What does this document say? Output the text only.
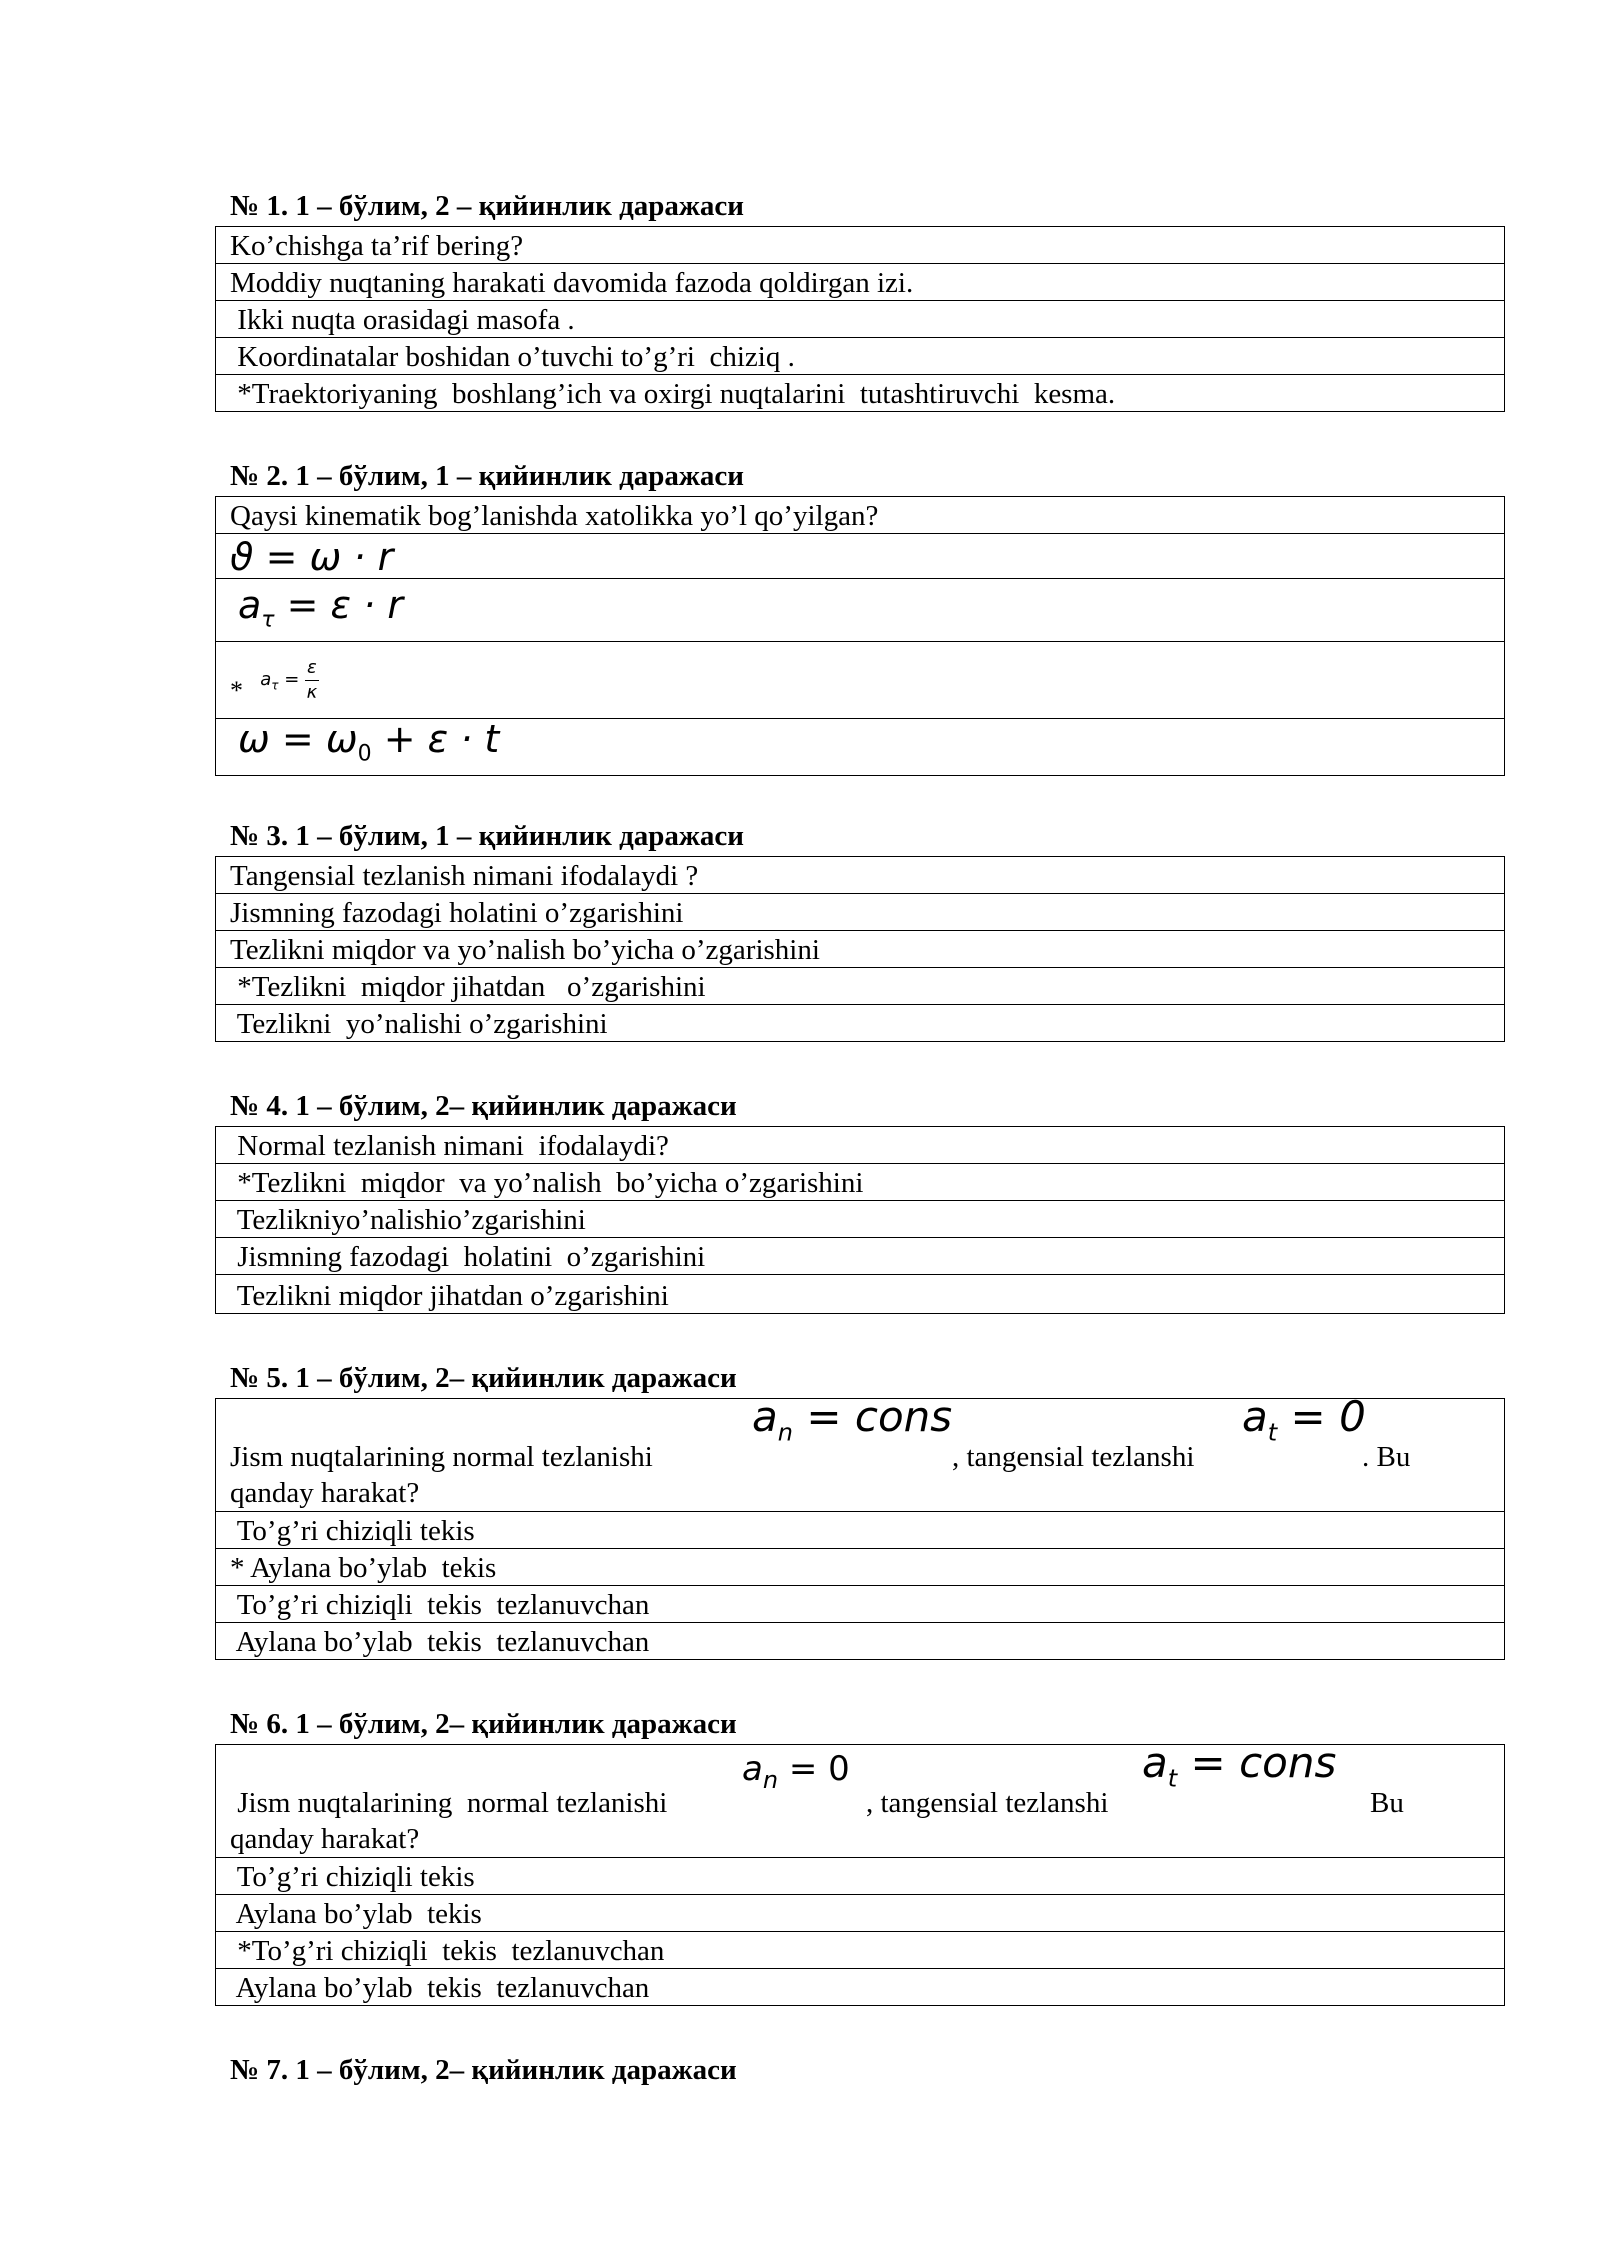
№ 1. 1 – бўлим, 2 – қийинлик даражаси
Ko’chishga ta’rif bering?
Moddiy nuqtaning harakati davomida fazoda qoldirgan izi.
Ikki nuqta orasidagi masofa .
Koordinatalar boshidan o’tuvchi to’g’ri  chiziq .
*Traektoriyaning  boshlang’ich va oxirgi nuqtalarini  tutashtiruvchi  kesma.
№ 2. 1 – бўлим, 1 – қийинлик даражаси
Qaysi kinematik bog’lanishda xatolikka yo’l qo’yilgan?
ϑ = ω · r
$a_\tau = \varepsilon \cdot r$
* $a_\tau = \frac{\varepsilon}{\kappa}$

$\omega = \omega_0 + \varepsilon \cdot t$
№ 3. 1 – бўлим, 1 – қийинлик даражаси
Tangensial tezlanish nimani ifodalaydi ?
Jismning fazodagi holatini o’zgarishini
Tezlikni miqdor va yo’nalish bo’yicha o’zgarishini
*Tezlikni  miqdor jihatdan   o’zgarishini
Tezlikni  yo’nalishi o’zgarishini
№ 4. 1 – бўлим, 2– қийинлик даражаси
Normal tezlanish nimani  ifodalaydi?
*Tezlikni  miqdor  va yo’nalish  bo’yicha o’zgarishini
Tezlikniyo’nalishio’zgarishini
Jismning fazodagi  holatini  o’zgarishini
Tezlikni miqdor jihatdan o’zgarishini
№ 5. 1 – бўлим, 2– қийинлик даражаси
Jism nuqtalarining normal tezlanishi
$a_n$ = cons
, tangensial tezlanshi
$a_t = 0$
. Bu
qanday harakat?

To’g’ri chiziqli tekis
* Aylana bo’ylab  tekis
To’g’ri chiziqli  tekis  tezlanuvchan
Aylana bo’ylab  tekis  tezlanuvchan
№ 6. 1 – бўлим, 2– қийинлик даражаси

Jism nuqtalarining  normal tezlanishi

$a_n = 0$

, tangensial tezlanshi

$a_t$ = cons

Bu

qanday harakat?

To’g’ri chiziqli tekis
Aylana bo’ylab  tekis
*To’g’ri chiziqli  tekis  tezlanuvchan
Aylana bo’ylab  tekis  tezlanuvchan
№ 7. 1 – бўлим, 2– қийинлик даражаси
